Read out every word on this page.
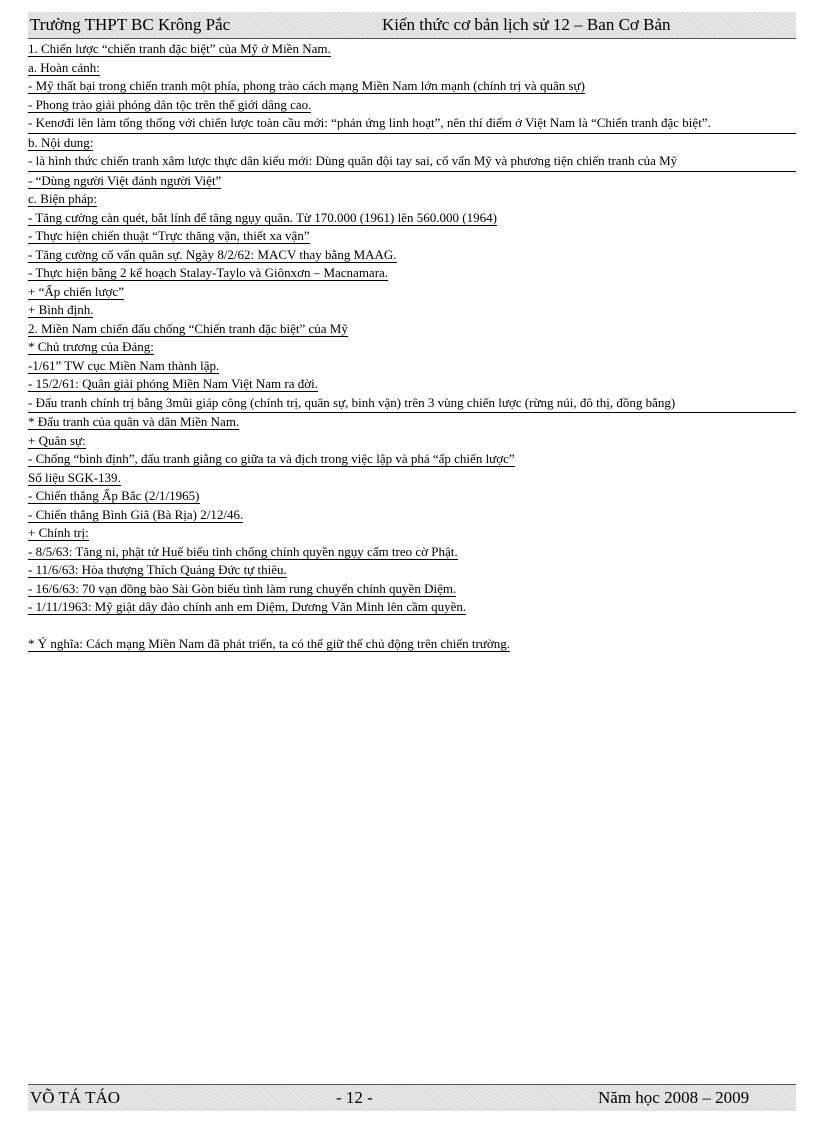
Trường THPT BC Krông Pắc	Kiến thức cơ bản lịch sử 12 – Ban Cơ Bản
1. Chiến lược “chiến tranh đặc biệt” của Mỹ ở Miền Nam.
a. Hoàn cảnh:
- Mỹ thất bại trong chiến tranh một phía, phong trào cách mạng Miền Nam lớn mạnh (chính trị và quân sự)
- Phong trào giải phóng dân tộc trên thế giới dâng cao.
- Kenơđi lên làm tổng thống với chiến lược toàn cầu mới: “phản ứng linh hoạt”, nên thí điểm ở Việt Nam là “Chiến tranh đặc biệt”.
b. Nội dung:
- là hình thức chiến tranh xâm lược thực dân kiểu mới: Dùng quân đội tay sai, cố vấn Mỹ và phương tiện chiến tranh của Mỹ
- “Dùng người Việt đánh người Việt”
c. Biện pháp:
- Tăng cường càn quét, bắt lính để tăng ngụy quân. Từ 170.000 (1961) lên 560.000 (1964)
- Thực hiện chiến thuật “Trực thăng vận, thiết xa vận”
- Tăng cường cố vấn quân sự. Ngày 8/2/62: MACV thay bằng MAAG.
- Thực hiện bằng 2 kế hoạch Stalay-Taylo và Giônxơn – Macnamara.
+ “Ấp chiến lược”
+ Bình định.
2. Miền Nam chiến đấu chống “Chiến tranh đặc biệt” của Mỹ
* Chủ trương của Đảng:
-1/61” TW cục Miền Nam thành lập.
- 15/2/61: Quân giải phóng Miền Nam Việt Nam ra đời.
- Đấu tranh chính trị bằng 3mũi giáp công (chính trị, quân sự, binh vận) trên 3 vùng chiến lược (rừng núi, đô thị, đồng bằng)
* Đấu tranh của quân và dân Miền Nam.
+ Quân sự:
- Chống “bình định”, đấu tranh giằng co giữa ta và địch trong việc lập và phá “ấp chiến lược”
Số liệu SGK-139.
- Chiến thắng Ấp Bắc (2/1/1965)
- Chiến thắng Bình Giã (Bà Rịa) 2/12/46.
+ Chính trị:
- 8/5/63: Tăng ni, phật tử Huế biểu tình chống chính quyền ngụy cấm treo cờ Phật.
- 11/6/63: Hòa thượng Thích Quảng Đức tự thiêu.
- 16/6/63: 70 vạn đồng bào Sài Gòn biểu tình làm rung chuyển chính quyền Diệm.
- 1/11/1963: Mỹ giật dây đảo chính anh em Diệm, Dương Văn Minh lên cầm quyền.
* Ý nghĩa: Cách mạng Miền Nam đã phát triển, ta có thể giữ thế chủ động trên chiến trường.
VÕ TÁ TÁO	- 12 -	Năm học 2008 – 2009
